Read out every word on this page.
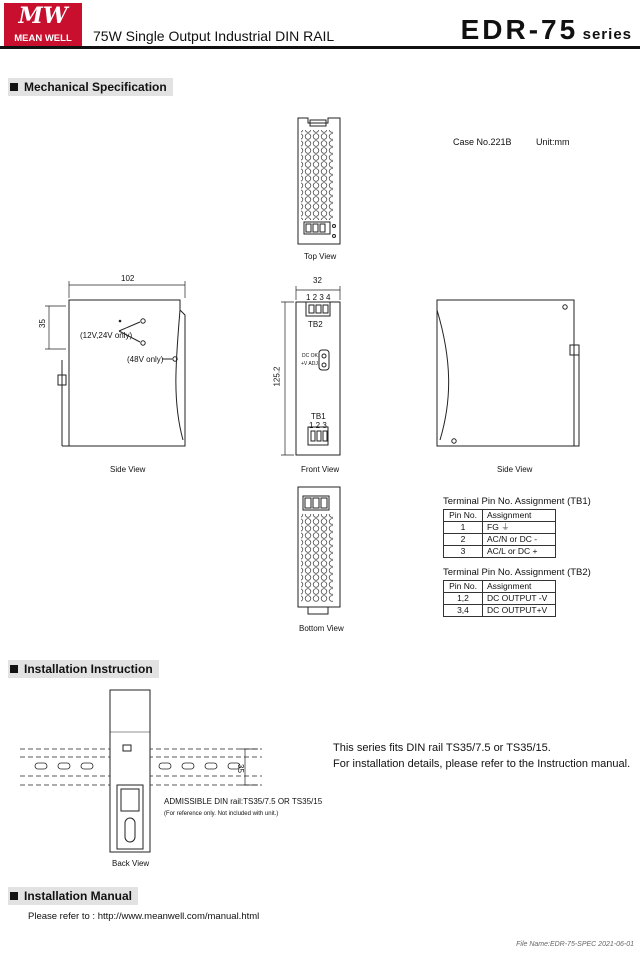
MW
MEAN WELL	75W Single Output Industrial DIN RAIL	EDR-75 series
Mechanical Specification
Case No.221B	Unit:mm
Top View
Side View	Front View	Side View
Bottom View
102
35
32
125.2
(12V,24V only)
(48V only)
1 2 3 4
TB2
TB1
1 2 3
DC OK
+V ADJ.
Terminal Pin No. Assignment (TB1)
Pin No.	Assignment
1	FG ⏚
2	AC/N or DC -
3	AC/L or DC +
Terminal Pin No. Assignment (TB2)
Pin No.	Assignment
1,2	DC OUTPUT -V
3,4	DC OUTPUT+V
Installation Instruction
35
This series fits DIN rail TS35/7.5 or TS35/15.
For installation details, please refer to the Instruction manual.
ADMISSIBLE DIN rail:TS35/7.5 OR TS35/15
(For reference only. Not included with unit.)
Back View
Installation Manual
Please refer to : http://www.meanwell.com/manual.html
File Name:EDR-75-SPEC 2021-06-01
